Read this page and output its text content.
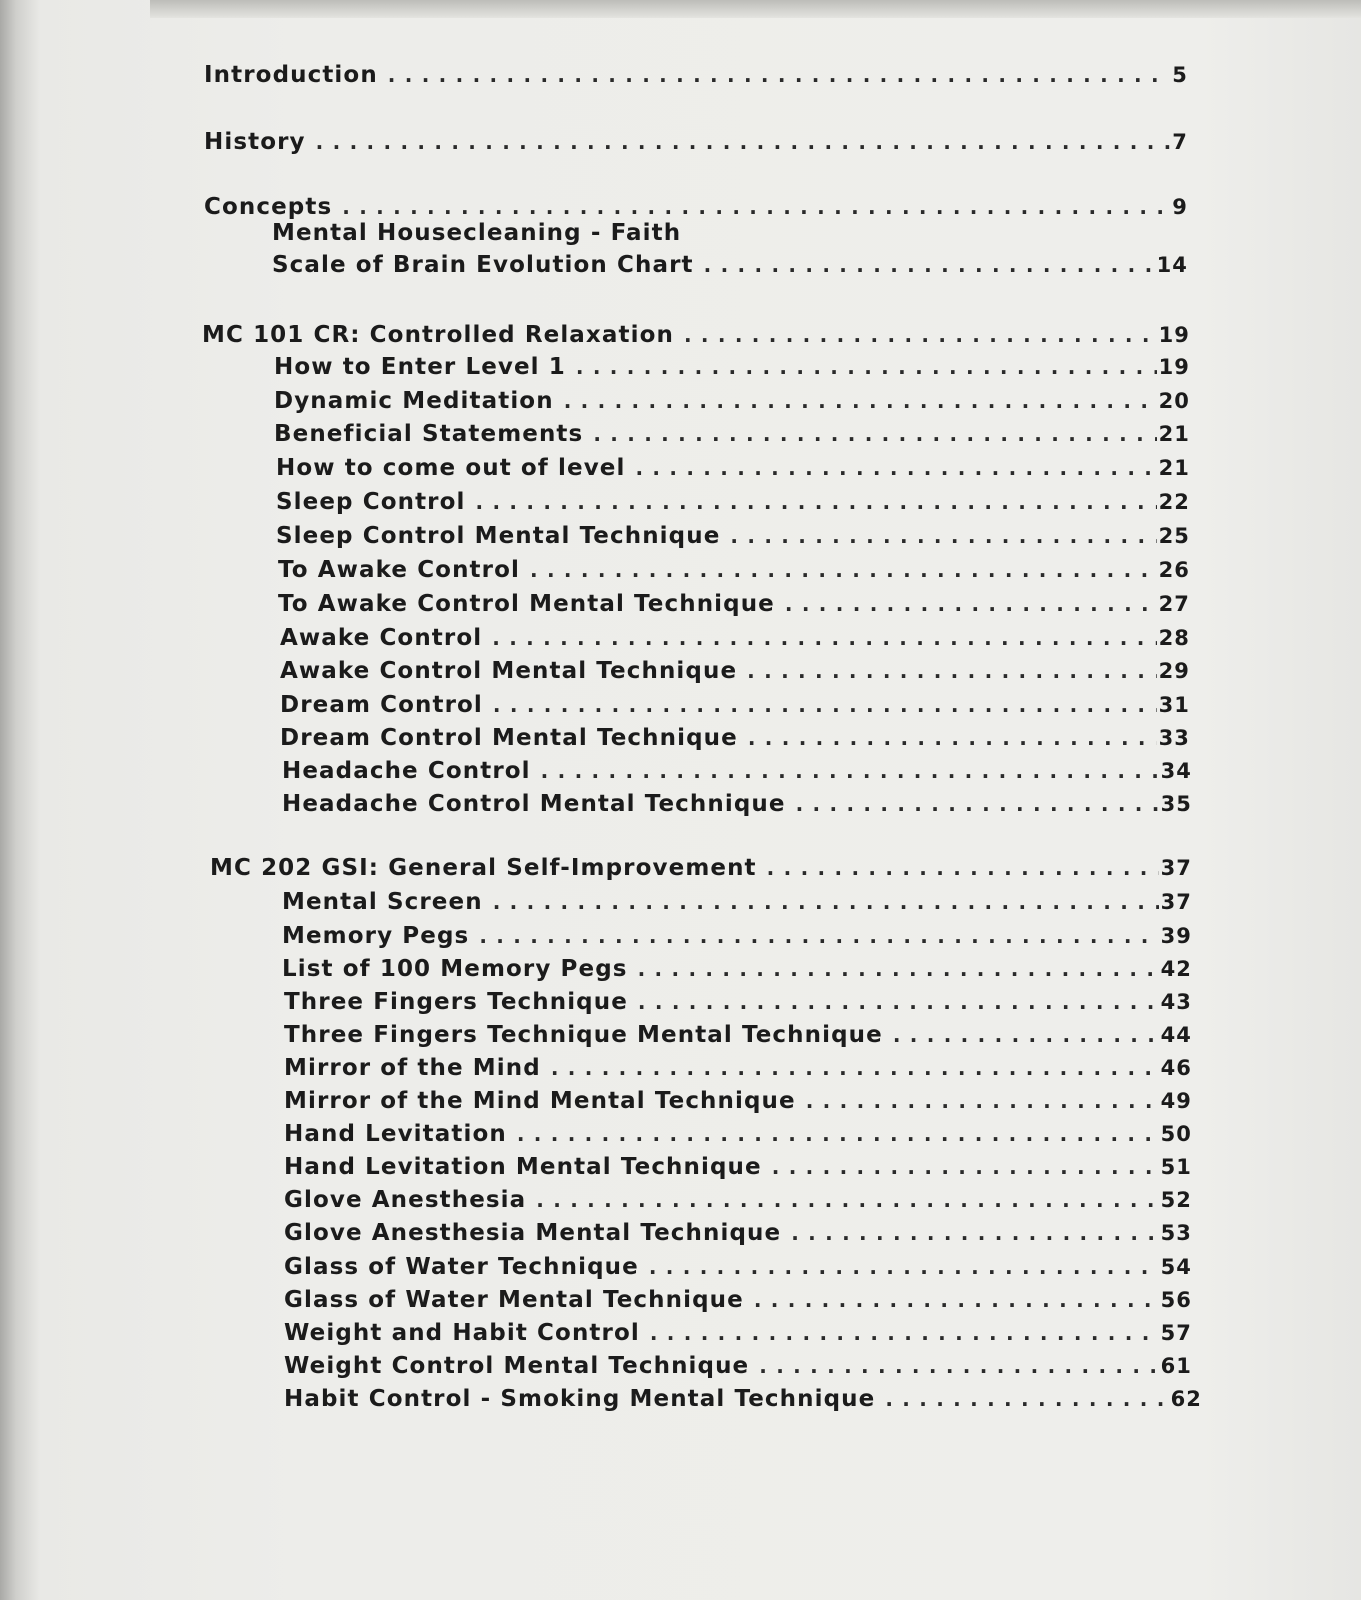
Introduction . . .	5
History . . .	7
Concepts . . .	9
Mental Housecleaning - Faith
Scale of Brain Evolution Chart . . .	14
MC 101 CR: Controlled Relaxation . . .	19
How to Enter Level 1 . . .	19
Dynamic Meditation . . .	20
Beneficial Statements . . .	21
How to come out of level . . .	21
Sleep Control . . .	22
Sleep Control Mental Technique . . .	25
To Awake Control . . .	26
To Awake Control Mental Technique . . .	27
Awake Control . . .	28
Awake Control Mental Technique . . .	29
Dream Control . . .	31
Dream Control Mental Technique . . .	33
Headache Control . . .	34
Headache Control Mental Technique . . .	35
MC 202 GSI: General Self-Improvement . . .	37
Mental Screen . . .	37
Memory Pegs . . .	39
List of 100 Memory Pegs . . .	42
Three Fingers Technique . . .	43
Three Fingers Technique Mental Technique . . .	44
Mirror of the Mind . . .	46
Mirror of the Mind Mental Technique . . .	49
Hand Levitation . . .	50
Hand Levitation Mental Technique . . .	51
Glove Anesthesia . . .	52
Glove Anesthesia Mental Technique . . .	53
Glass of Water Technique . . .	54
Glass of Water Mental Technique . . .	56
Weight and Habit Control . . .	57
Weight Control Mental Technique . . .	61
Habit Control - Smoking Mental Technique . . .	62
